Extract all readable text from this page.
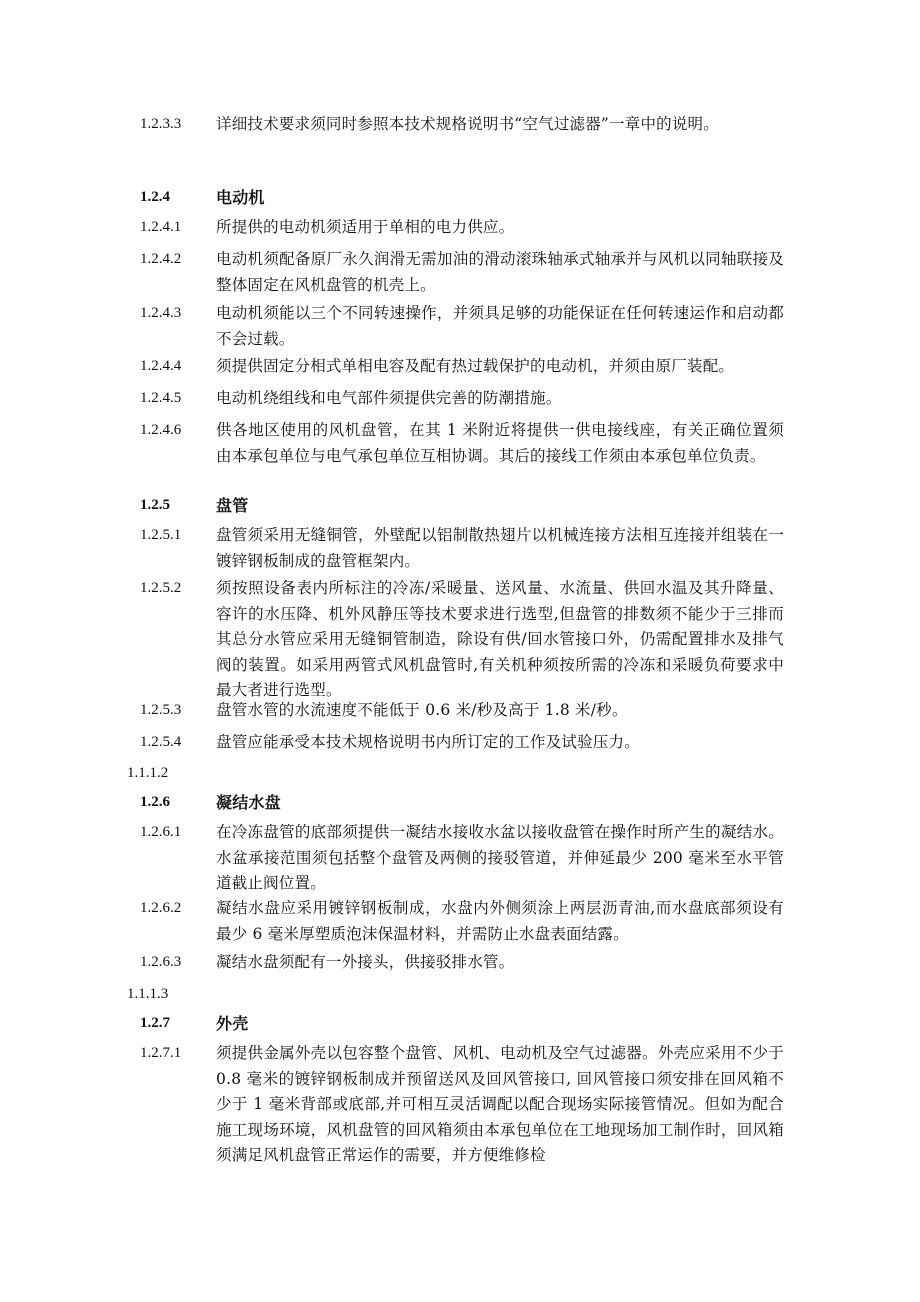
1.2.3.3 详细技术要求须同时参照本技术规格说明书“空气过滤器”一章中的说明。
1.2.4	电动机
1.2.4.1 所提供的电动机须适用于单相的电力供应。
1.2.4.2 电动机须配备原厂永久润滑无需加油的滑动滚珠轴承式轴承并与风机以同轴联接及整体固定在风机盘管的机壳上。
1.2.4.3 电动机须能以三个不同转速操作，并须具足够的功能保证在任何转速运作和启动都不会过载。
1.2.4.4 须提供固定分相式单相电容及配有热过载保护的电动机，并须由原厂装配。
1.2.4.5 电动机绕组线和电气部件须提供完善的防潮措施。
1.2.4.6 供各地区使用的风机盘管，在其 1 米附近将提供一供电接线座，有关正确位置须由本承包单位与电气承包单位互相协调。其后的接线工作须由本承包单位负责。
1.2.5	盘管
1.2.5.1 盘管须采用无缝铜管，外壁配以铝制散热翅片以机械连接方法相互连接并组装在一镀锌钢板制成的盘管框架内。
1.2.5.2 须按照设备表内所标注的冷冻/采暖量、送风量、水流量、供回水温及其升降量、容许的水压降、机外风静压等技术要求进行选型,但盘管的排数须不能少于三排而其总分水管应采用无缝铜管制造，除设有供/回水管接口外，仍需配置排水及排气阀的装置。如采用两管式风机盘管时,有关机种须按所需的冷冻和采暖负荷要求中最大者进行选型。
1.2.5.3 盘管水管的水流速度不能低于 0.6 米/秒及高于 1.8 米/秒。
1.2.5.4 盘管应能承受本技术规格说明书内所订定的工作及试验压力。
1.1.1.2
1.2.6	凝结水盘
1.2.6.1 在冷冻盘管的底部须提供一凝结水接收水盆以接收盘管在操作时所产生的凝结水。水盆承接范围须包括整个盘管及两侧的接驳管道，并伸延最少 200 毫米至水平管道截止阀位置。
1.2.6.2 凝结水盘应采用镀锌钢板制成，水盘内外侧须涂上两层沥青油,而水盘底部须设有最少 6 毫米厚塑质泡沫保温材料，并需防止水盘表面结露。
1.2.6.3 凝结水盘须配有一外接头，供接驳排水管。
1.1.1.3
1.2.7	外壳
1.2.7.1 须提供金属外壳以包容整个盘管、风机、电动机及空气过滤器。外壳应采用不少于 0.8 毫米的镀锌钢板制成并预留送风及回风管接口, 回风管接口须安排在回风箱不少于 1 毫米背部或底部,并可相互灵活调配以配合现场实际接管情况。但如为配合施工现场环境，风机盘管的回风箱须由本承包单位在工地现场加工制作时，回风箱须满足风机盘管正常运作的需要，并方便维修检
